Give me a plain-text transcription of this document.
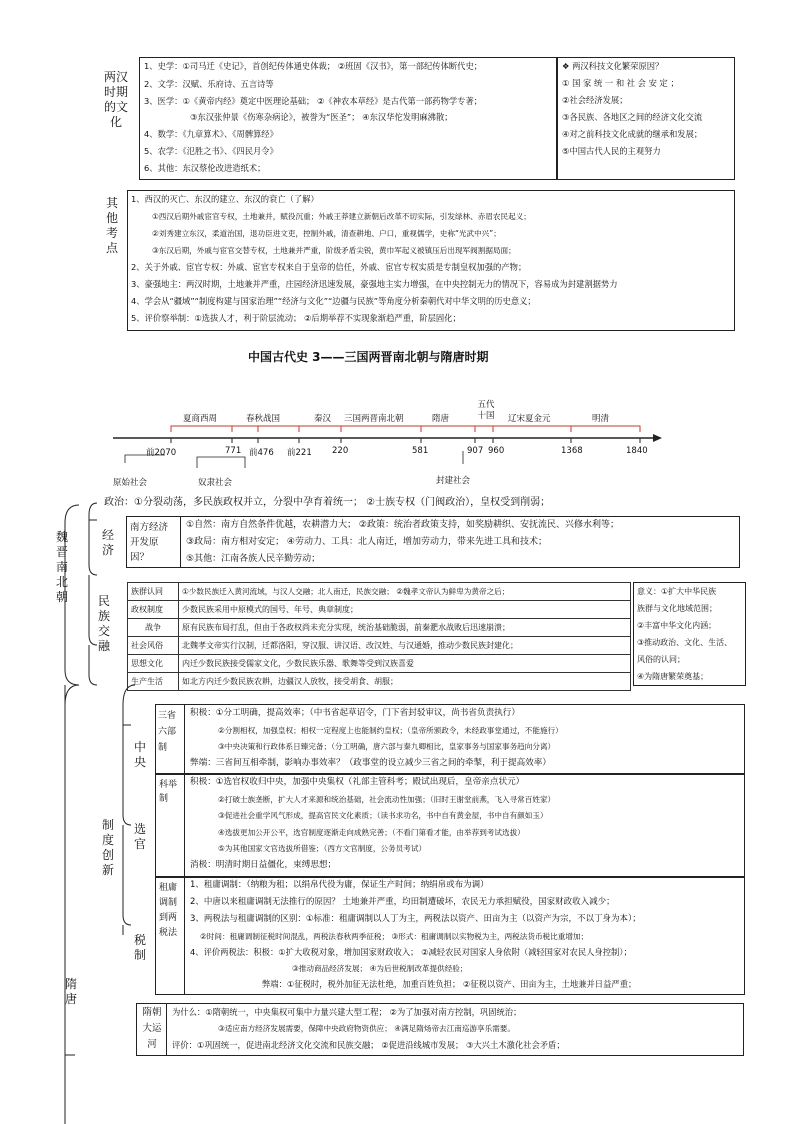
两汉时期的文化
1、史学：①司马迁《史记》，首创纪传体通史体裁； ②班固《汉书》，第一部纪传体断代史；
2、文学：汉赋、乐府诗、五言诗等
3、医学：①《黄帝内经》奠定中医理论基础； ②《神农本草经》是古代第一部药物学专著；
③东汉张仲景《伤寒杂病论》，被誉为“医圣”； ④东汉华佗发明麻沸散；
4、数学：《九章算术》、《周髀算经》
5、农学：《氾胜之书》、《四民月令》
6、其他：东汉蔡伦改进造纸术；
❖ 两汉科技文化繁荣原因？
① 国 家 统 一 和 社 会 安 定 ；
②社会经济发展；
③各民族、各地区之间的经济文化交流
④对之前科技文化成就的继承和发展；
⑤中国古代人民的主观努力
其他考点
1、西汉的灭亡、东汉的建立、东汉的衰亡（了解）
①西汉后期外戚宦官专权，土地兼并，赋役沉重；外戚王莽建立新朝后改革不切实际，引发绿林、赤眉农民起义；
②刘秀建立东汉，柔道治国，退功臣进文吏，控制外戚，清查耕地、户口，重视儒学，史称“光武中兴”；
③东汉后期，外戚与宦官交替专权，土地兼并严重，阶级矛盾尖锐，黄巾军起义被镇压后出现军阀割据局面；
2、关于外戚、宦官专权：外戚、宦官专权来自于皇帝的信任，外戚、宦官专权实质是专制皇权加强的产物；
3、豪强地主：两汉时期，土地兼并严重，庄园经济迅速发展，豪强地主实力增强，在中央控制无力的情况下，容易成为封建割据势力
4、学会从“疆域”“制度构建与国家治理”“经济与文化”“边疆与民族”等角度分析秦朝代对中华文明的历史意义；
5、评价察举制：①选拔人才，利于阶层流动； ②后期举荐不实现象渐趋严重，阶层固化；
中国古代史 3——三国两晋南北朝与隋唐时期
夏商西周	春秋战国	秦汉 三国两晋南北朝	隋唐
五代十国 辽宋夏金元	明清
前2070	771 前476 前221 220	581	907 960	1368	1840
原始社会	奴隶社会	封建社会
魏晋南北朝
政治：①分裂动荡，多民族政权并立，分裂中孕育着统一； ②士族专权（门阀政治），皇权受到削弱；
经济
南方经济开发原因？
①自然：南方自然条件优越，农耕潜力大； ②政策：统治者政策支持，如奖励耕织、安抚流民、兴修水利等；
③政局：南方相对安定； ④劳动力、工具：北人南迁，增加劳动力，带来先进工具和技术；
⑤其他：江南各族人民辛勤劳动；
民族交融
族群认同	①少数民族迁入黄河流域，与汉人交融；北人南迁，民族交融； ②魏孝文帝认为鲜卑为黄帝之后；
政权制度	少数民族采用中原模式的国号、年号、典章制度；
战争	原有民族布局打乱，但由于各政权尚未充分实现，统治基础脆弱，前秦淝水战败后迅速崩溃；
社会风俗	北魏孝文帝实行汉制，迁都洛阳，穿汉服、讲汉语、改汉姓、与汉通婚，推动少数民族封建化；
思想文化	内迁少数民族接受儒家文化，少数民族乐器、歌舞等受到汉族喜爱
生产生活	如北方内迁少数民族农耕，边疆汉人放牧，接受胡食、胡服；
意义：①扩大中华民族
族群与文化地域范围；
②丰富中华文化内涵；
③推动政治、文化、生活、
风俗的认同；
④为隋唐繁荣奠基；
隋唐
制度创新
中央
选官
税制
三省六部制
积极：①分工明确，提高效率；（中书省起草诏令，门下省封驳审议，尚书省负责执行）
②分割相权，加强皇权；相权一定程度上也能制约皇权；（皇帝所颁政令，未经政事堂通过，不能施行）
③中央决策和行政体系日臻完备；（分工明确，唐六部与秦九卿相比，皇家事务与国家事务趋向分离）
弊端：三省间互相牵制，影响办事效率？（政事堂的设立减少三省之间的牵掣，利于提高效率）
科举制
积极：①选官权收归中央，加强中央集权（礼部主管科考；殿试出现后，皇帝亲点状元）
②打破士族垄断，扩大人才来源和统治基础，社会流动性加强；（旧时王谢堂前燕，飞入寻常百姓家）
③促进社会重学风气形成，提高官民文化素质；（读书求功名，书中自有黄金屋，书中自有颜如玉）
④选拔更加公开公平，选官制度逐渐走向成熟完善；（不看门第看才能，由举荐到考试选拔）
⑤为其他国家文官选拔所借鉴；（西方文官制度，公务员考试）
消极：明清时期日益僵化，束缚思想；
租庸调制到两税法
1、租庸调制：（纳粮为租；以绢帛代役为庸，保证生产时间；纳绢帛或布为调）
2、中唐以来租庸调制无法推行的原因？ 土地兼并严重，均田制遭破坏，农民无力承担赋役，国家财政收入减少；
3、两税法与租庸调制的区别：①标准：租庸调制以人丁为主，两税法以资产、田亩为主（以资产为宗，不以丁身为本）；
②时间：租庸调制征税时间混乱，两税法春秋两季征税； ③形式：租庸调制以实物税为主，两税法货币税比重增加；
4、评价两税法：积极：①扩大收税对象，增加国家财政收入； ②减轻农民对国家人身依附（减轻国家对农民人身控制）；
③推动商品经济发展； ④为后世税制改革提供经验；
弊端：①征税时，税外加征无法杜绝，加重百姓负担； ②征税以资产、田亩为主，土地兼并日益严重；
隋朝大运河
为什么：①隋朝统一，中央集权可集中力量兴建大型工程； ②为了加强对南方控制，巩固统治；
③适应南方经济发展需要，保障中央政府物资供应； ④满足隋炀帝去江南巡游享乐需要。
评价：①巩固统一，促进南北经济文化交流和民族交融； ②促进沿线城市发展； ③大兴土木激化社会矛盾；
